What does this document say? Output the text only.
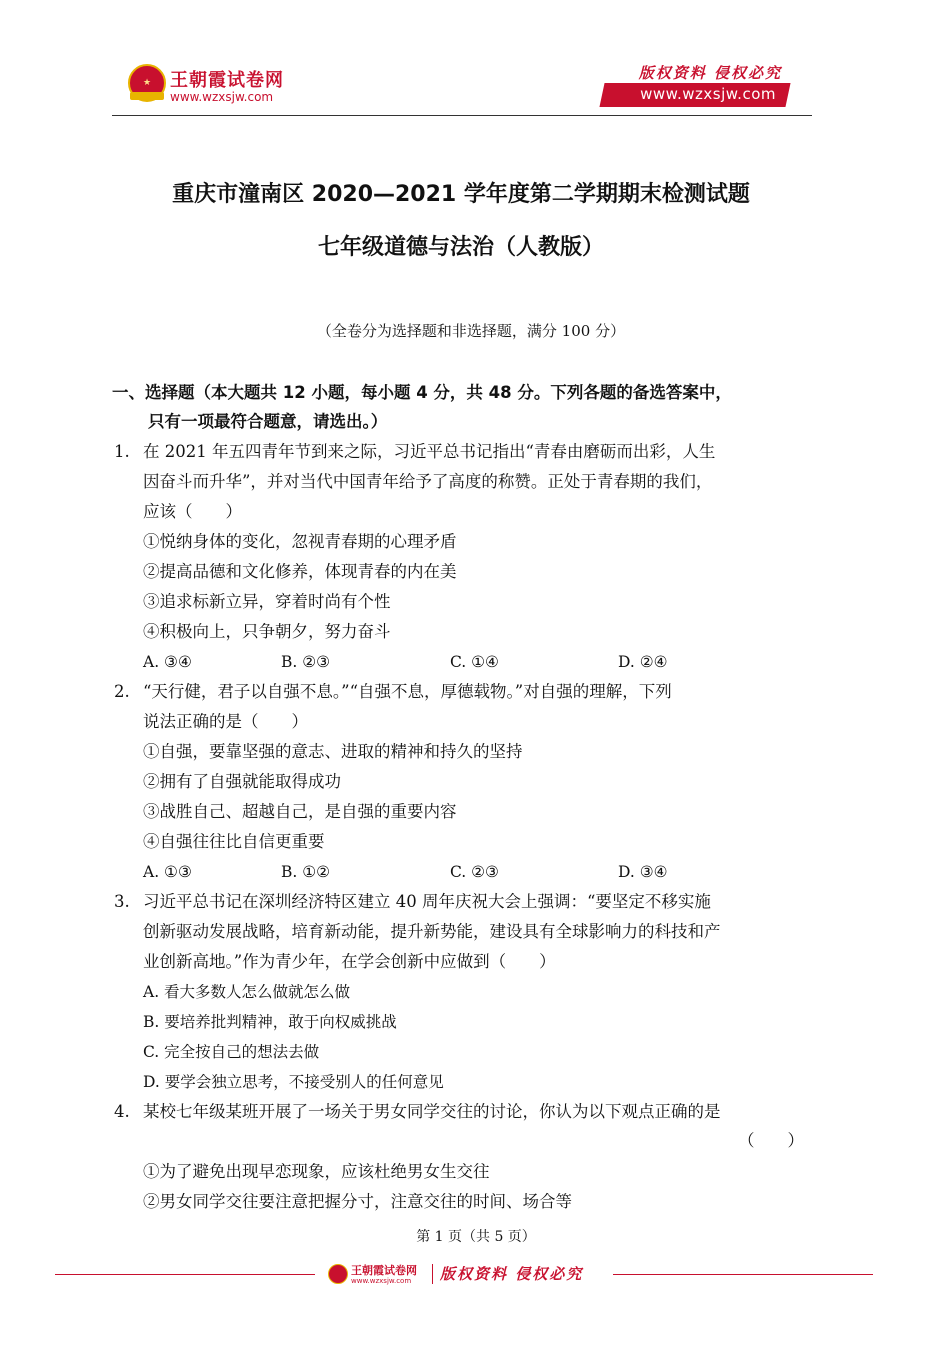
★	王朝霞试卷网
www.wzxsjw.com
版权资料 侵权必究
www.wzxsjw.com
重庆市潼南区 2020—2021 学年度第二学期期末检测试题
七年级道德与法治（人教版）
（全卷分为选择题和非选择题，满分 100 分）
一、选择题（本大题共 12 小题，每小题 4 分，共 48 分。下列各题的备选答案中，
只有一项最符合题意，请选出。）
1. 在 2021 年五四青年节到来之际，习近平总书记指出“青春由磨砺而出彩，人生
因奋斗而升华”，并对当代中国青年给予了高度的称赞。正处于青春期的我们，
应该（　　）
①悦纳身体的变化，忽视青春期的心理矛盾
②提高品德和文化修养，体现青春的内在美
③追求标新立异，穿着时尚有个性
④积极向上，只争朝夕，努力奋斗
A. ③④	B. ②③	C. ①④	D. ②④
2. “天行健，君子以自强不息。”“自强不息，厚德载物。”对自强的理解，下列
说法正确的是（　　）
①自强，要靠坚强的意志、进取的精神和持久的坚持
②拥有了自强就能取得成功
③战胜自己、超越自己，是自强的重要内容
④自强往往比自信更重要
A. ①③	B. ①②	C. ②③	D. ③④
3. 习近平总书记在深圳经济特区建立 40 周年庆祝大会上强调：“要坚定不移实施
创新驱动发展战略，培育新动能，提升新势能，建设具有全球影响力的科技和产
业创新高地。”作为青少年，在学会创新中应做到（　　）
A. 看大多数人怎么做就怎么做
B. 要培养批判精神，敢于向权威挑战
C. 完全按自己的想法去做
D. 要学会独立思考，不接受别人的任何意见
4. 某校七年级某班开展了一场关于男女同学交往的讨论，你认为以下观点正确的是
（　　）
①为了避免出现早恋现象，应该杜绝男女生交往
②男女同学交往要注意把握分寸，注意交往的时间、场合等
第 1 页（共 5 页）
王朝霞试卷网
www.wzxsjw.com 版权资料 侵权必究
